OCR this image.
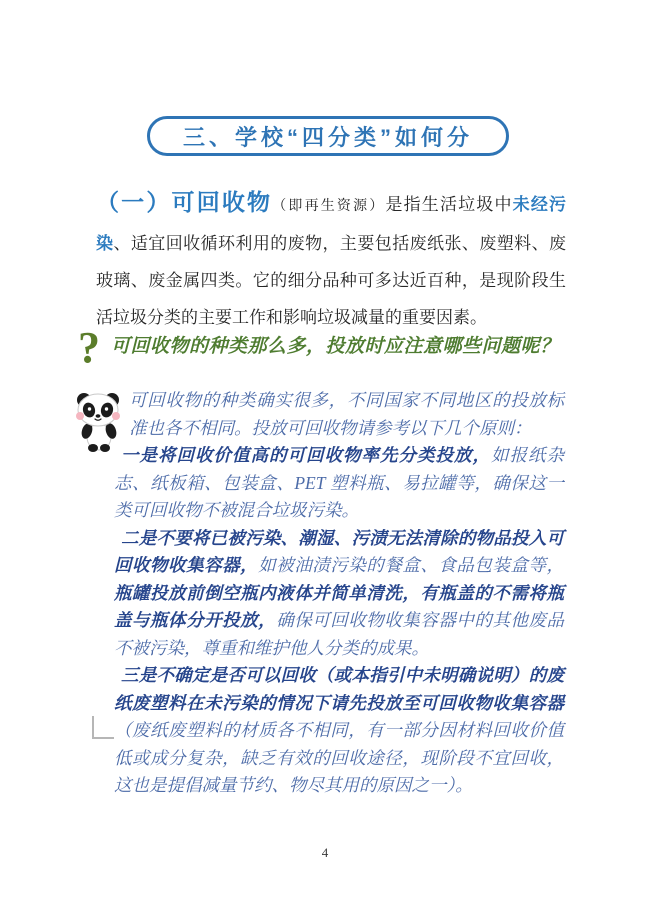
三、学校“四分类”如何分
（一）可回收物（即再生资源）是指生活垃圾中未经污染、适宜回收循环利用的废物，主要包括废纸张、废塑料、废玻璃、废金属四类。它的细分品种可多达近百种，是现阶段生活垃圾分类的主要工作和影响垃圾减量的重要因素。
? 可回收物的种类那么多，投放时应注意哪些问题呢？

可回收物的种类确实很多，不同国家不同地区的投放标准也各不相同。投放可回收物请参考以下几个原则：

一是将回收价值高的可回收物率先分类投放，如报纸杂志、纸板箱、包装盒、PET 塑料瓶、易拉罐等，确保这一类可回收物不被混合垃圾污染。

二是不要将已被污染、潮湿、污渍无法清除的物品投入可回收物收集容器，如被油渍污染的餐盒、食品包装盒等，瓶罐投放前倒空瓶内液体并简单清洗，有瓶盖的不需将瓶盖与瓶体分开投放，确保可回收物收集容器中的其他废品不被污染，尊重和维护他人分类的成果。

三是不确定是否可以回收（或本指引中未明确说明）的废纸废塑料在未污染的情况下请先投放至可回收物收集容器（废纸废塑料的材质各不相同，有一部分因材料回收价值低或成分复杂，缺乏有效的回收途径，现阶段不宜回收，这也是提倡减量节约、物尽其用的原因之一）。

4
